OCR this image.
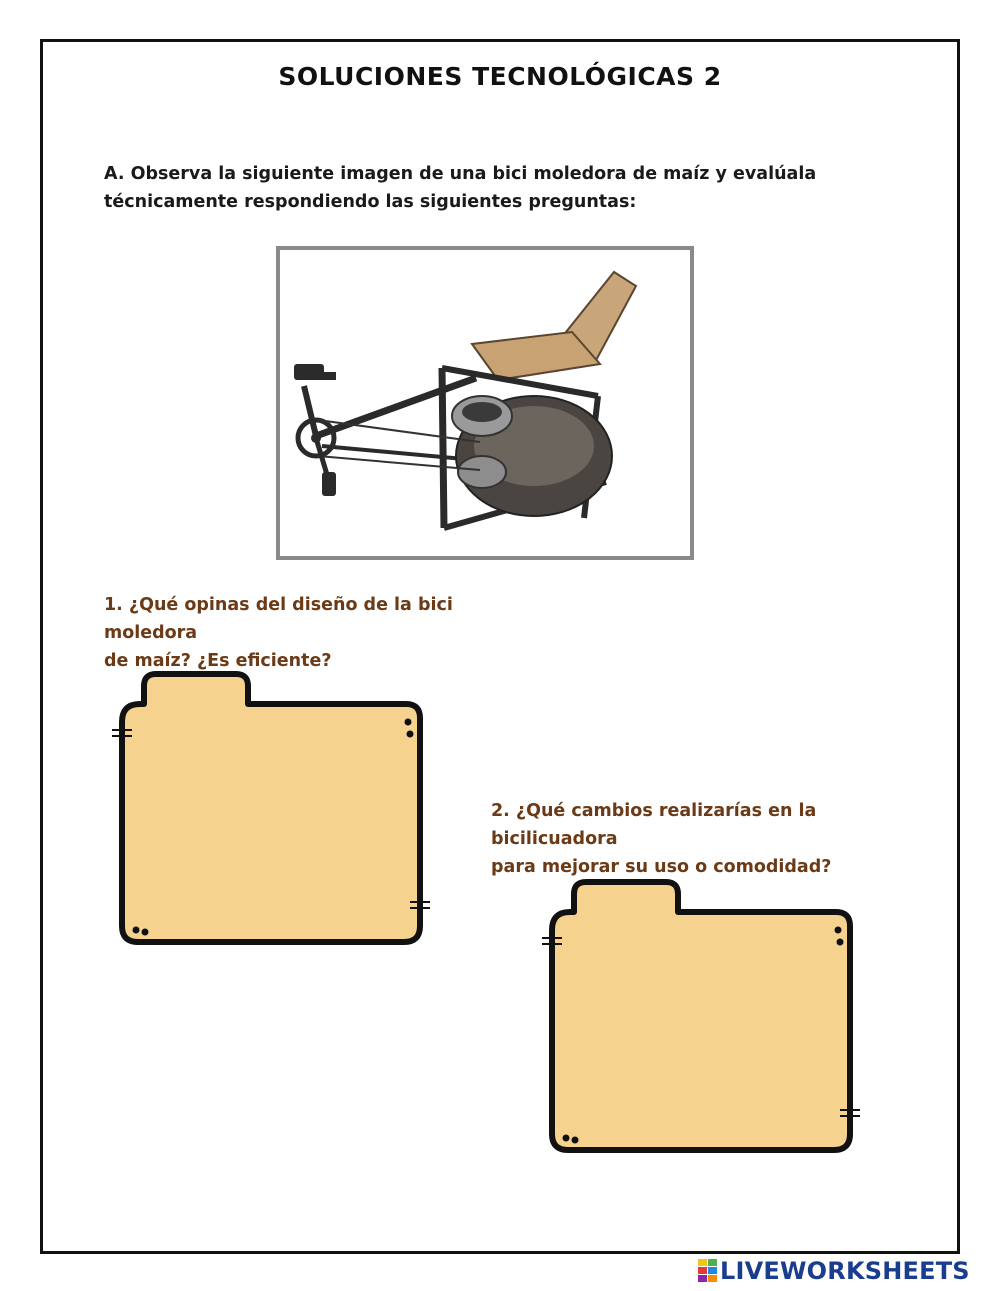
SOLUCIONES TECNOLÓGICAS 2
A. Observa la siguiente imagen de una bici moledora de maíz y evalúala técnicamente respondiendo las siguientes preguntas:
1. ¿Qué opinas del diseño de la bici moledora
de maíz? ¿Es eficiente?
2. ¿Qué cambios realizarías en la bicilicuadora
para mejorar su uso o comodidad?
LIVEWORKSHEETS
